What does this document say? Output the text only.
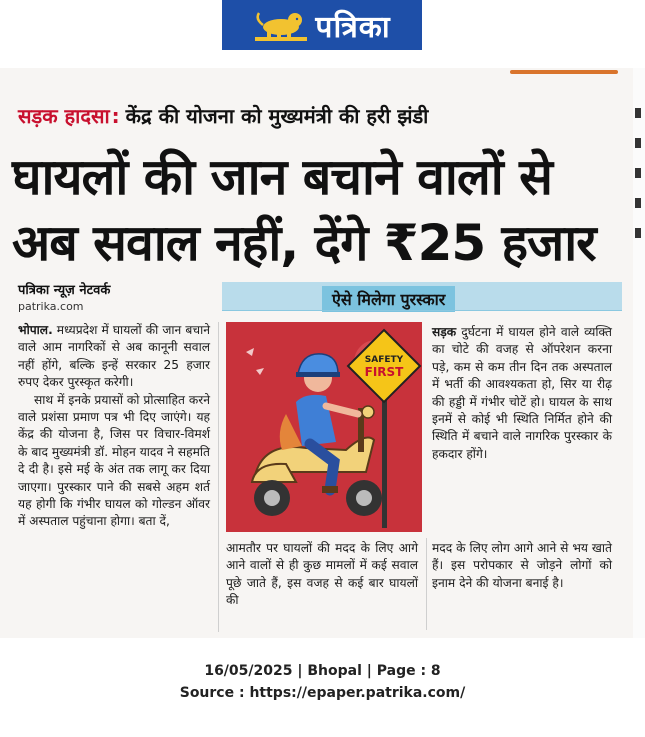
पत्रिका
सड़क हादसा : केंद्र की योजना को मुख्यमंत्री की हरी झंडी
घायलों की जान बचाने वालों से अब सवाल नहीं, देंगे ₹25 हजार
पत्रिका न्यूज़ नेटवर्क
patrika.com

भोपाल. मध्यप्रदेश में घायलों की जान बचाने वाले आम नागरिकों से अब कानूनी सवाल नहीं होंगे, बल्कि इन्हें सरकार 25 हजार रुपए देकर पुरस्कृत करेगी।

साथ में इनके प्रयासों को प्रोत्साहित करने वाले प्रशंसा प्रमाण पत्र भी दिए जाएंगे। यह केंद्र की योजना है, जिस पर विचार-विमर्श के बाद मुख्यमंत्री डॉ. मोहन यादव ने सहमति दे दी है। इसे मई के अंत तक लागू कर दिया जाएगा। पुरस्कार पाने की सबसे अहम शर्त यह होगी कि गंभीर घायल को गोल्डन ऑवर में अस्पताल पहुंचाना होगा। बता दें,

ऐसे मिलेगा पुरस्कार
SAFETY
FIRST
सड़क दुर्घटना में घायल होने वाले व्यक्ति का चोटे की वजह से ऑपरेशन करना पड़े, कम से कम तीन दिन तक अस्पताल में भर्ती की आवश्यकता हो, सिर या रीढ़ की हड्डी में गंभीर चोटें हो। घायल के साथ इनमें से कोई भी स्थिति निर्मित होने की स्थिति में बचाने वाले नागरिक पुरस्कार के हकदार होंगे।
आमतौर पर घायलों की मदद के लिए आगे आने वालों से ही कुछ मामलों में कई सवाल पूछे जाते हैं, इस वजह से कई बार घायलों की
मदद के लिए लोग आगे आने से भय खाते हैं। इस परोपकार से जोड़ने लोगों को इनाम देने की योजना बनाई है।
16/05/2025 | Bhopal | Page : 8
Source : https://epaper.patrika.com/
